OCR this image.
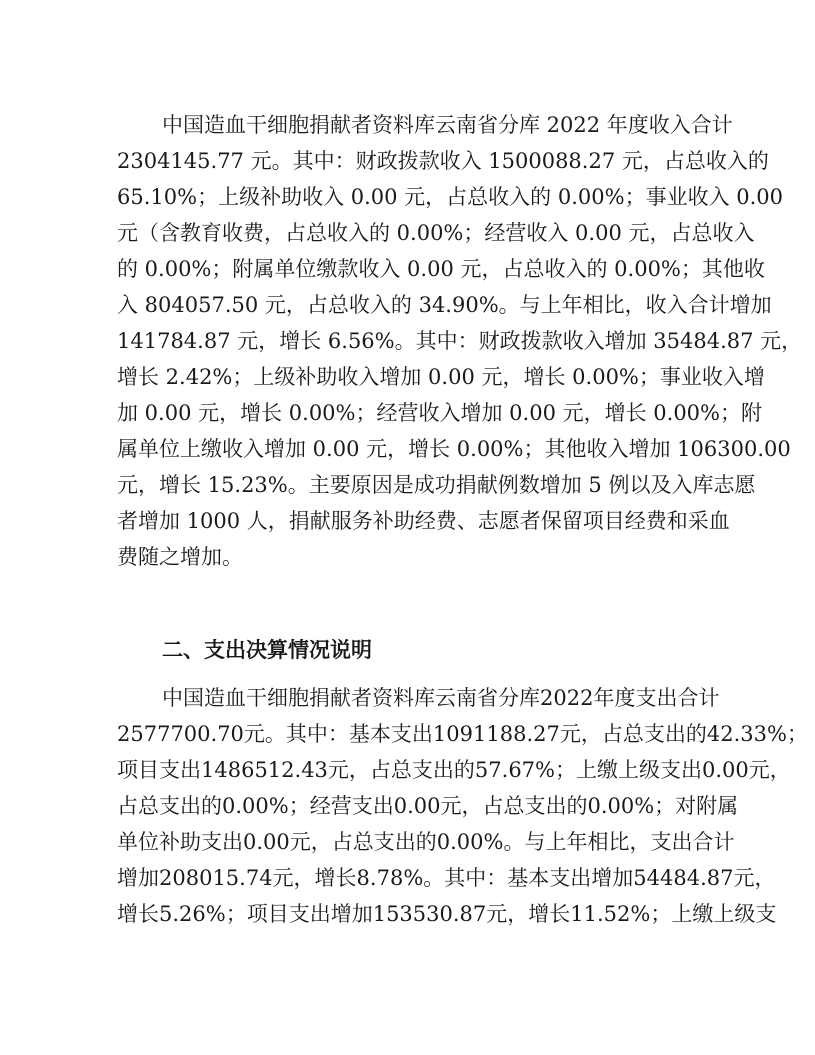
中国造血干细胞捐献者资料库云南省分库 2022 年度收入合计
2304145.77 元。其中：财政拨款收入 1500088.27 元，占总收入的
65.10%；上级补助收入 0.00 元，占总收入的 0.00%；事业收入 0.00
元（含教育收费，占总收入的 0.00%；经营收入 0.00 元，占总收入
的 0.00%；附属单位缴款收入 0.00 元，占总收入的 0.00%；其他收
入 804057.50 元，占总收入的 34.90%。与上年相比，收入合计增加
141784.87 元，增长 6.56%。其中：财政拨款收入增加 35484.87 元，
增长 2.42%；上级补助收入增加 0.00 元，增长 0.00%；事业收入增
加 0.00 元，增长 0.00%；经营收入增加 0.00 元，增长 0.00%；附
属单位上缴收入增加 0.00 元，增长 0.00%；其他收入增加 106300.00
元，增长 15.23%。主要原因是成功捐献例数增加 5 例以及入库志愿
者增加 1000 人，捐献服务补助经费、志愿者保留项目经费和采血
费随之增加。
二、支出决算情况说明
中国造血干细胞捐献者资料库云南省分库2022年度支出合计
2577700.70元。其中：基本支出1091188.27元，占总支出的42.33%；
项目支出1486512.43元，占总支出的57.67%；上缴上级支出0.00元，
占总支出的0.00%；经营支出0.00元，占总支出的0.00%；对附属
单位补助支出0.00元，占总支出的0.00%。与上年相比，支出合计
增加208015.74元，增长8.78%。其中：基本支出增加54484.87元，
增长5.26%；项目支出增加153530.87元，增长11.52%；上缴上级支
